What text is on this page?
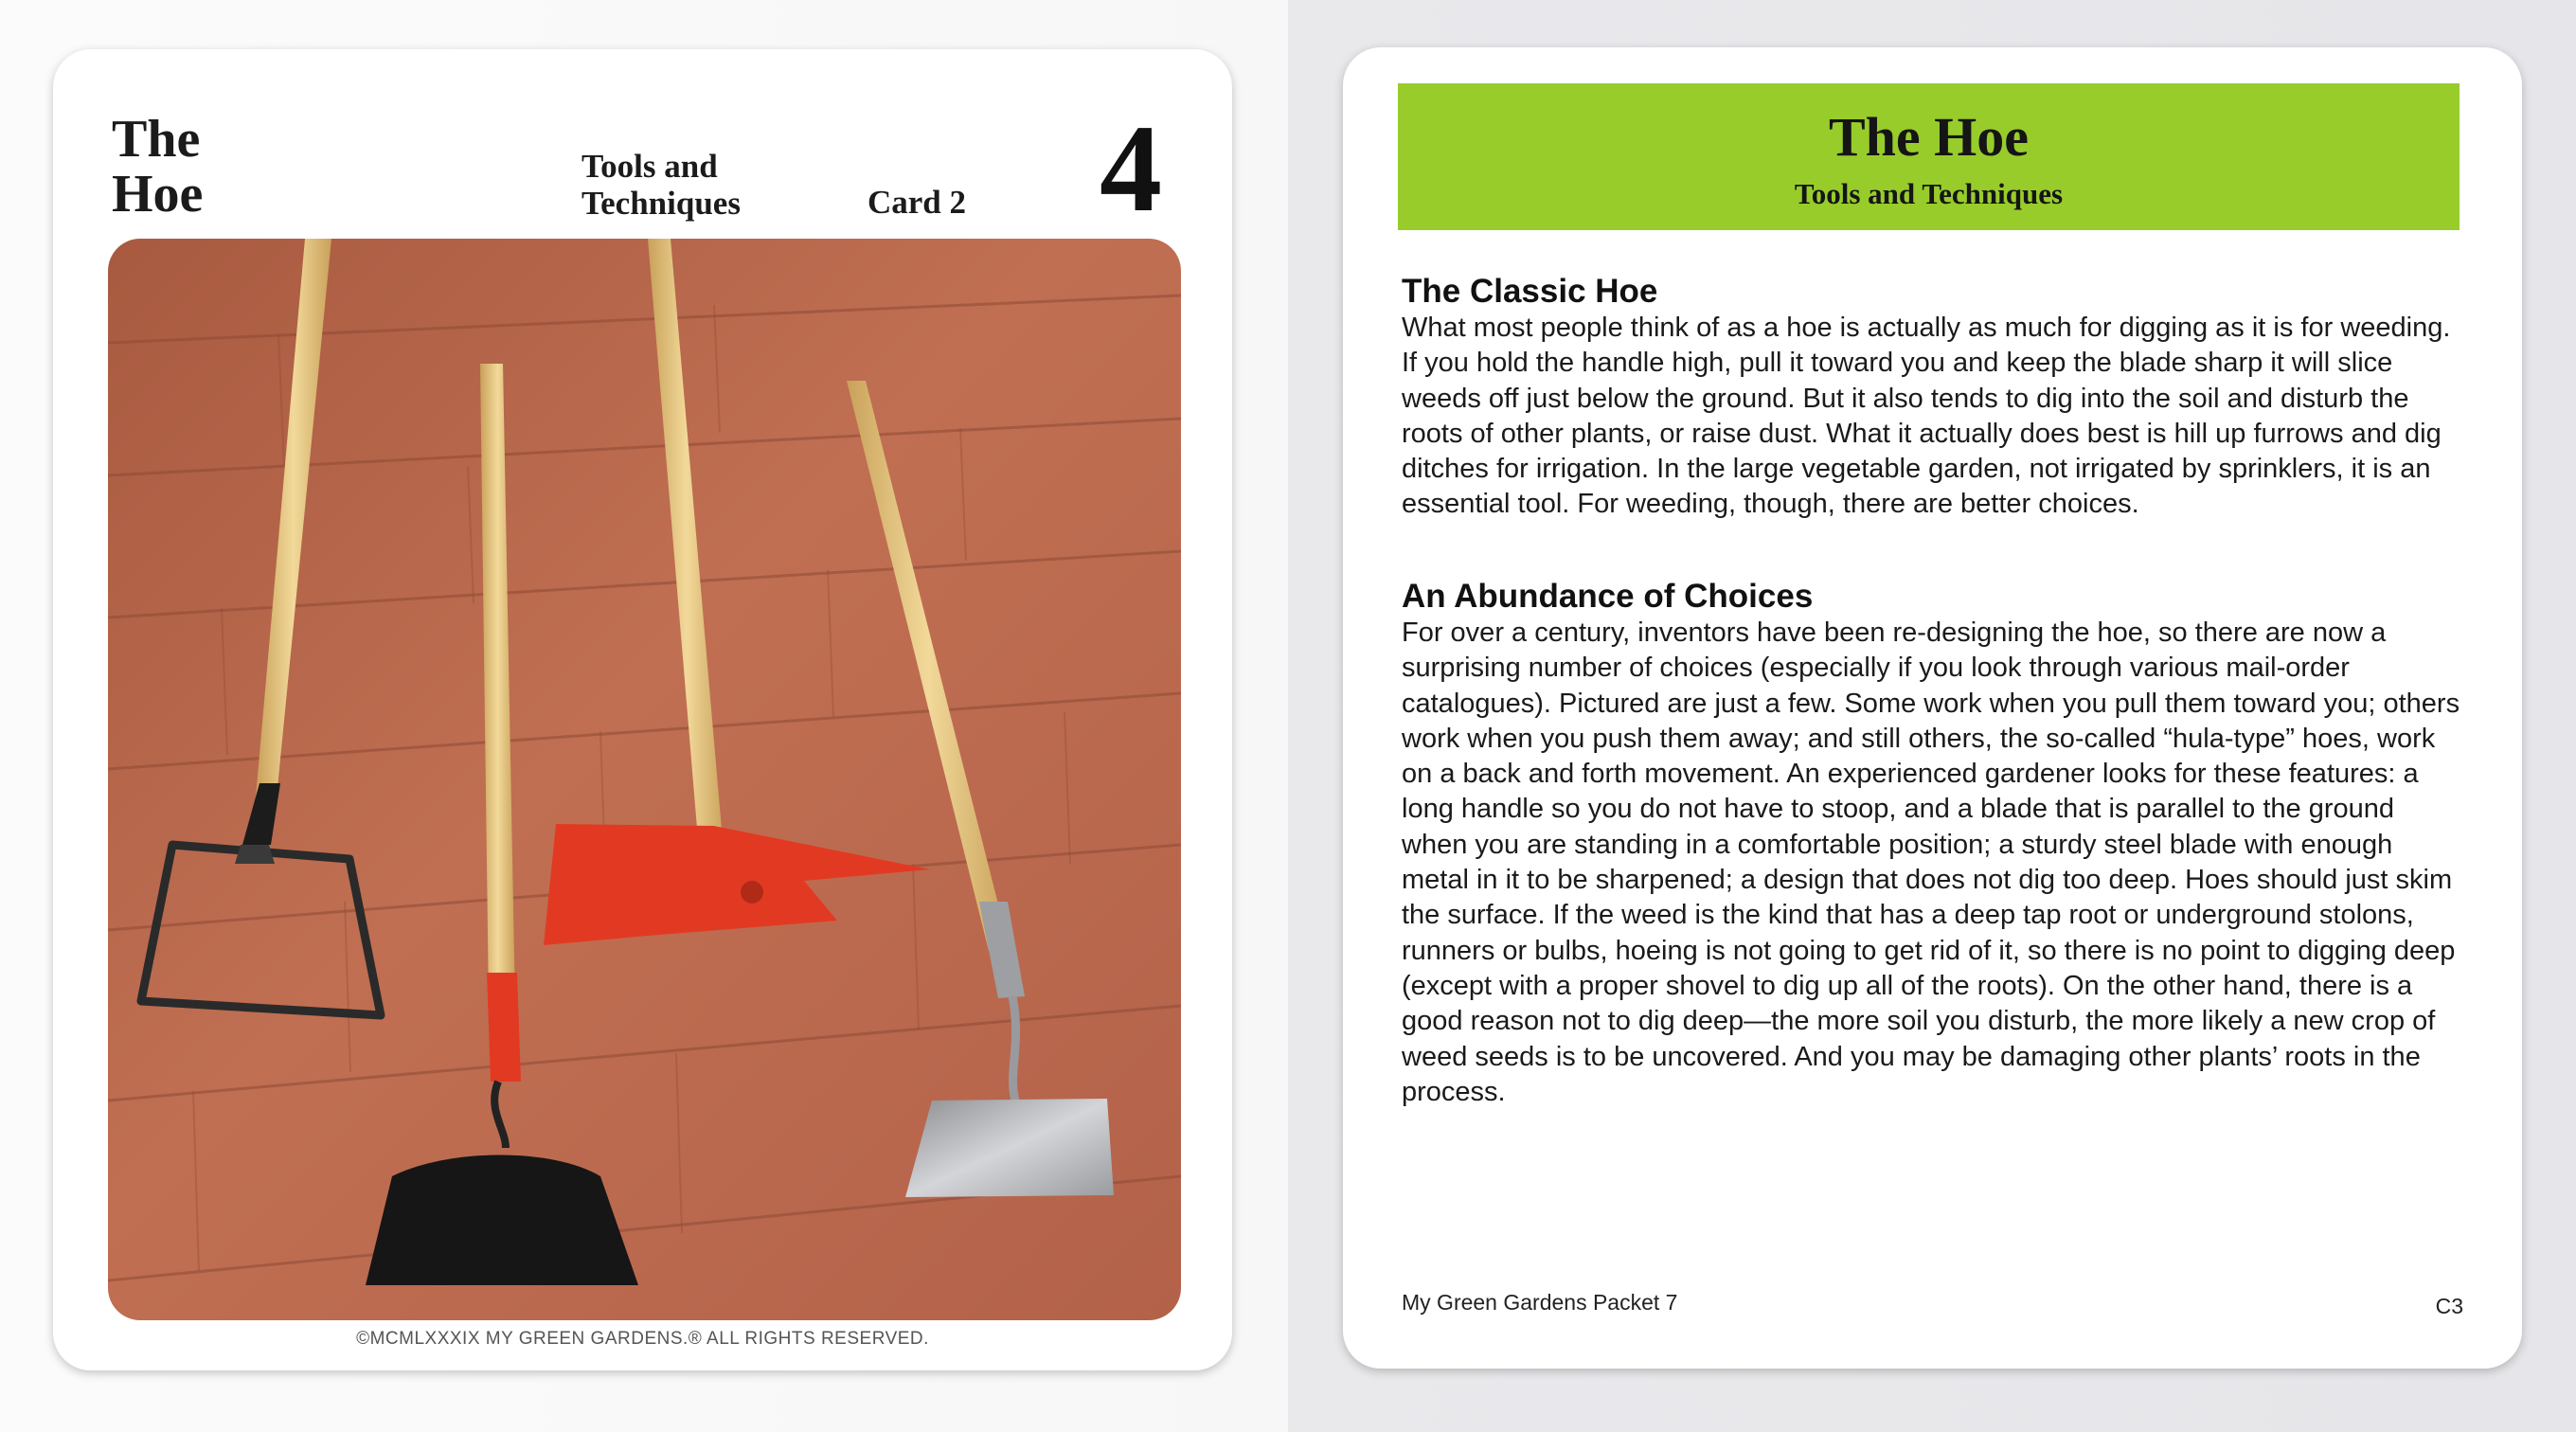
The
Hoe	Tools and
Techniques	Card 2 4
©MCMLXXXIX MY GREEN GARDENS.® ALL RIGHTS RESERVED.
The Hoe
Tools and Techniques
The Classic Hoe
What most people think of as a hoe is actually as much for digging as it is for weeding. If you hold the handle high, pull it toward you and keep the blade sharp it will slice weeds off just below the ground. But it also tends to dig into the soil and disturb the roots of other plants, or raise dust. What it actually does best is hill up furrows and dig ditches for irrigation. In the large vegetable garden, not irrigated by sprinklers, it is an essential tool. For weeding, though, there are better choices.
An Abundance of Choices
For over a century, inventors have been re-designing the hoe, so there are now a surprising number of choices (especially if you look through various mail-order catalogues). Pictured are just a few. Some work when you pull them toward you; others work when you push them away; and still others, the so-called “hula-type” hoes, work on a back and forth movement. An experienced gardener looks for these features: a long handle so you do not have to stoop, and a blade that is parallel to the ground when you are standing in a comfortable position; a sturdy steel blade with enough metal in it to be sharpened; a design that does not dig too deep. Hoes should just skim the surface. If the weed is the kind that has a deep tap root or underground stolons, runners or bulbs, hoeing is not going to get rid of it, so there is no point to digging deep (except with a proper shovel to dig up all of the roots). On the other hand, there is a good reason not to dig deep—the more soil you disturb, the more likely a new crop of weed seeds is to be uncovered. And you may be damaging other plants’ roots in the process.
My Green Gardens Packet 7	C3
